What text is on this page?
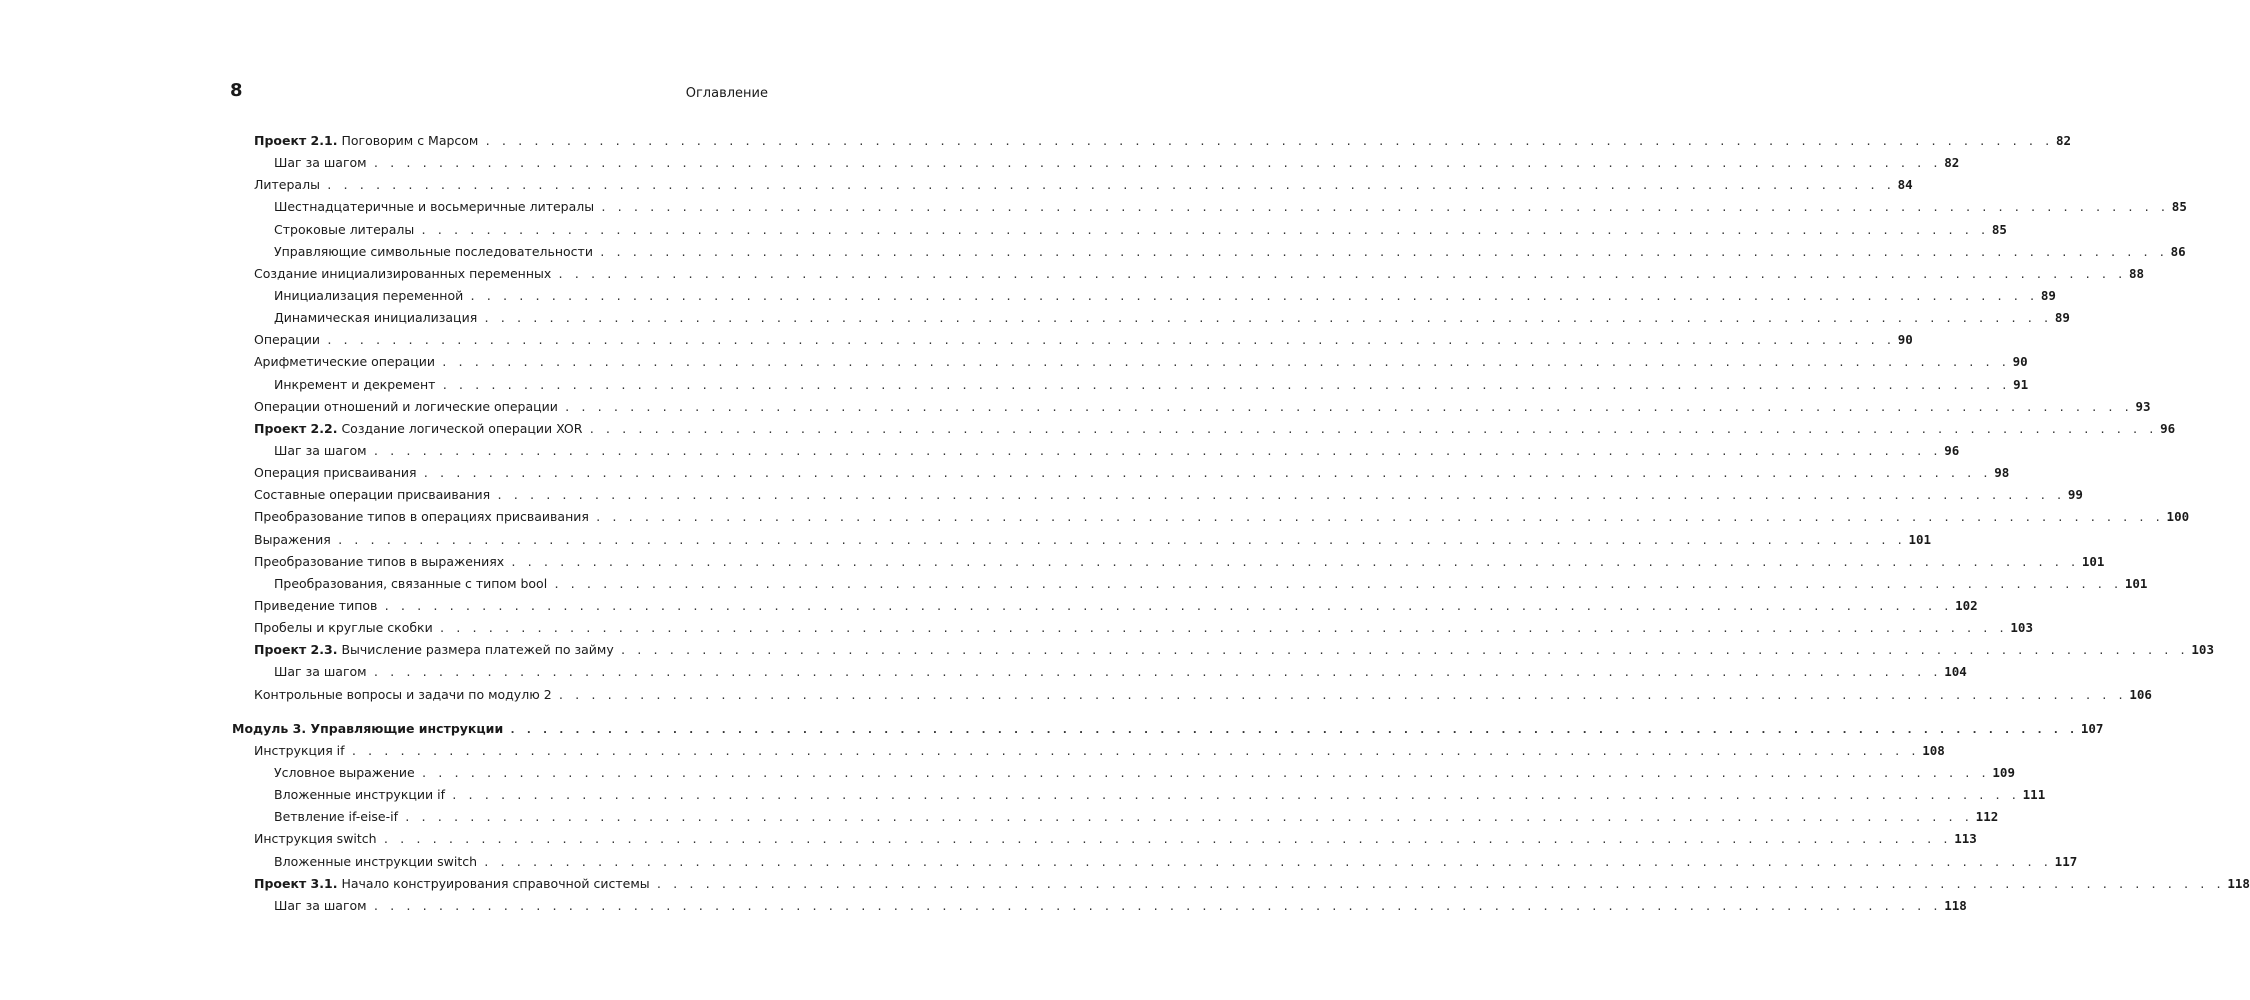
8	Оглавление
Проект 2.1. Поговорим с Марсом . . .	82
Шаг за шагом . . .	82
Литералы . . .	84
Шестнадцатеричные и восьмеричные литералы . . .	85
Строковые литералы . . .	85
Управляющие символьные последовательности . . .	86
Создание инициализированных переменных . . .	88
Инициализация переменной . . .	89
Динамическая инициализация . . .	89
Операции . . .	90
Арифметические операции . . .	90
Инкремент и декремент . . .	91
Операции отношений и логические операции . . .	93
Проект 2.2. Создание логической операции XOR . . .	96
Шаг за шагом . . .	96
Операция присваивания . . .	98
Составные операции присваивания . . .	99
Преобразование типов в операциях присваивания . . .	100
Выражения . . .	101
Преобразование типов в выражениях . . .	101
Преобразования, связанные с типом bool . . .	101
Приведение типов . . .	102
Пробелы и круглые скобки . . .	103
Проект 2.3. Вычисление размера платежей по займу . . .	103
Шаг за шагом . . .	104
Контрольные вопросы и задачи по модулю 2 . . .	106
Модуль 3. Управляющие инструкции . . .	107
Инструкция if . . .	108
Условное выражение . . .	109
Вложенные инструкции if . . .	111
Ветвление if-eise-if . . .	112
Инструкция switch . . .	113
Вложенные инструкции switch . . .	117
Проект 3.1. Начало конструирования справочной системы . . .	118
Шаг за шагом . . .	118
